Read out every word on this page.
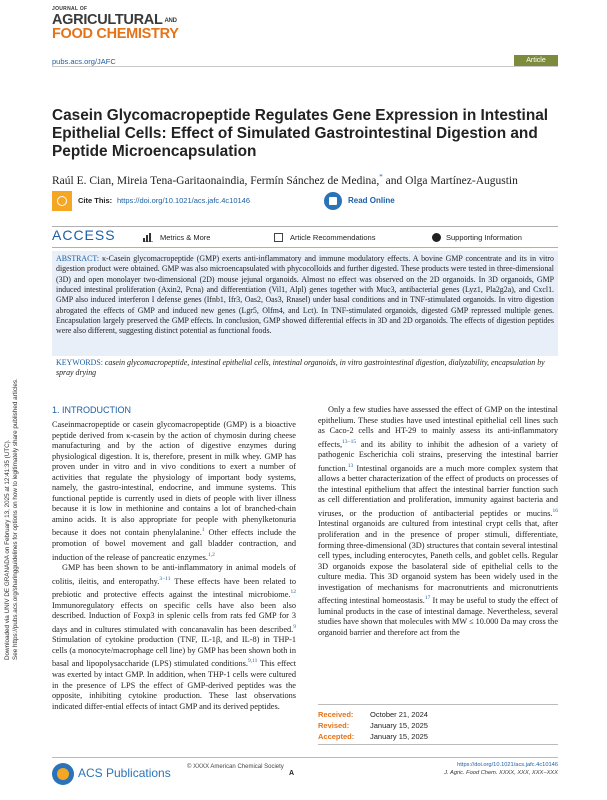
JOURNAL OF
AGRICULTURAL AND
FOOD CHEMISTRY
pubs.acs.org/JAFC	Article
Casein Glycomacropeptide Regulates Gene Expression in Intestinal Epithelial Cells: Effect of Simulated Gastrointestinal Digestion and Peptide Microencapsulation
Raúl E. Cian, Mireia Tena-Garitaonaindia, Fermín Sánchez de Medina,* and Olga Martínez-Augustin
Cite This: https://doi.org/10.1021/acs.jafc.4c10146	Read Online
ACCESS	Metrics & More	Article Recommendations	Supporting Information
ABSTRACT: κ-Casein glycomacropeptide (GMP) exerts anti-inflammatory and immune modulatory effects. A bovine GMP concentrate and its in vitro digestion product were obtained. GMP was also microencapsulated with phycocolloids and further digested. These products were tested in three-dimensional (3D) and open monolayer two-dimensional (2D) mouse jejunal organoids. Almost no effect was observed on the 2D organoids. In 3D organoids, GMP induced intestinal proliferation (Axin2, Pcna) and differentiation (Vil1, Alpl) genes together with Muc3, antibacterial genes (Lyz1, Pla2g2a), and Cxcl1. GMP also induced interferon I defense genes (Ifnb1, Ifr3, Oas2, Oas3, Rnasel) under basal conditions and in TNF-stimulated organoids. In vitro digestion abrogated the effects of GMP and induced new genes (Lgr5, Olfm4, and Lct). In TNF-stimulated organoids, digested GMP repressed multiple genes. Encapsulation largely preserved the GMP effects. In conclusion, GMP showed differential effects in 3D and 2D organoids. The effects of digestion peptides were also different, suggesting distinct potential as functional foods.
KEYWORDS: casein glycomacropeptide, intestinal epithelial cells, intestinal organoids, in vitro gastrointestinal digestion, dialyzability, encapsulation by spray drying
1. INTRODUCTION

Caseinmacropeptide or casein glycomacropeptide (GMP) is a bioactive peptide derived from κ-casein by the action of chymosin during cheese manufacturing and by the action of digestive enzymes during physiological digestion. It is, therefore, present in milk whey. GMP has proven under in vitro and in vivo conditions to exert a number of activities that regulate the physiology of important body systems, namely, the gastro-intestinal, endocrine, and immune systems. This functional peptide is currently used in diets of people with liver illness because it is low in methionine and contains a lot of branched-chain amino acids. It is also appropriate for people with phenylketonuria because it does not contain phenylalanine.$^1$ Other effects include the promotion of bowel movement and gall bladder contraction, and induction of the release of pancreatic enzymes.$^{1,2}$

GMP has been shown to be anti-inflammatory in animal models of colitis, ileitis, and enteropathy.$^{3-11}$ These effects have been related to prebiotic and protective effects against the intestinal microbiome.$^{12}$ Immunoregulatory effects on specific cells have also been also described. Induction of Foxp3 in splenic cells from rats fed GMP for 3 days and in cultures stimulated with concanavalin has been described.$^9$ Stimulation of cytokine production (TNF, IL-1β, and IL-8) in THP-1 cells (a monocyte/macrophage cell line) by GMP has been shown both in basal and lipopolysaccharide (LPS) stimulated conditions.$^{9,11}$ This effect was exerted by intact GMP. In addition, when THP-1 cells were cultured in the presence of LPS the effect of GMP-derived peptides was the opposite, inhibiting cytokine production. These last observations indicated differ-ential effects of intact GMP and its derived peptides.

Only a few studies have assessed the effect of GMP on the intestinal epithelium. These studies have used intestinal epithelial cell lines such as Caco-2 cells and HT-29 to mainly assess its anti-inflammatory effects,$^{13-15}$ and its ability to inhibit the adhesion of a variety of pathogenic Escherichia coli strains, preserving the intestinal barrier function.$^{13}$ Intestinal organoids are a much more complex system that allows a better characterization of the effect of products on processes of the intestinal epithelium that affect the intestinal barrier function such as cell differentiation and proliferation, immunity against bacteria and viruses, or the production of antibacterial peptides or mucins.$^{16}$ Intestinal organoids are cultured from intestinal crypt cells that, after proliferation and in the presence of proper stimuli, differentiate, forming three-dimensional (3D) structures that contain several intestinal cell types, including enterocytes, Paneth cells, and goblet cells. Regular 3D organoids expose the basolateral side of epithelial cells to the culture media. This 3D organoid system has been widely used in the investigation of mechanisms for macronutrients and micronutrients affecting intestinal homeostasis.$^{17}$ It may be useful to study the effect of luminal products in the case of intestinal damage. Nevertheless, several studies have shown that molecules with MW ≤ 10.000 Da may cross the organoid barrier and therefore act from the

Received:	October 21, 2024
Revised:	January 15, 2025
Accepted:	January 15, 2025
Downloaded via UNIV DE GRANADA on February 13, 2025 at 12:41:35 (UTC). See https://pubs.acs.org/sharingguidelines for options on how to legitimately share published articles.
ACS Publications	© XXXX American Chemical Society
A
https://doi.org/10.1021/acs.jafc.4c10146
J. Agric. Food Chem. XXXX, XXX, XXX−XXX
